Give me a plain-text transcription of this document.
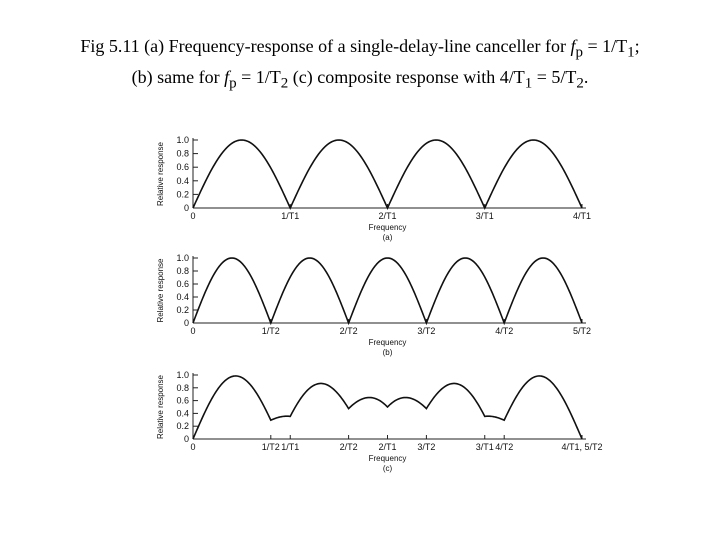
Fig 5.11 (a) Frequency-response of a single-delay-line canceller for $f_p = 1/T_1$;
(b) same for $f_p = 1/T_2$ (c) composite response with $4/T_1 = 5/T_2$.
0
0.2
0.4
0.6
0.8
1.0
Relative response
0	1/T1	2/T1	3/T1	4/T1
Frequency
(a)
0
0.2
0.4
0.6
0.8
1.0
Relative response
0	1/T2	2/T2	3/T2	4/T2	5/T2
Frequency
(b)
0
0.2
0.4
0.6
0.8
1.0
Relative response
0	1/T2 1/T1	2/T2 2/T1 3/T2	3/T1 4/T2	4/T1, 5/T2
Frequency
(c)
